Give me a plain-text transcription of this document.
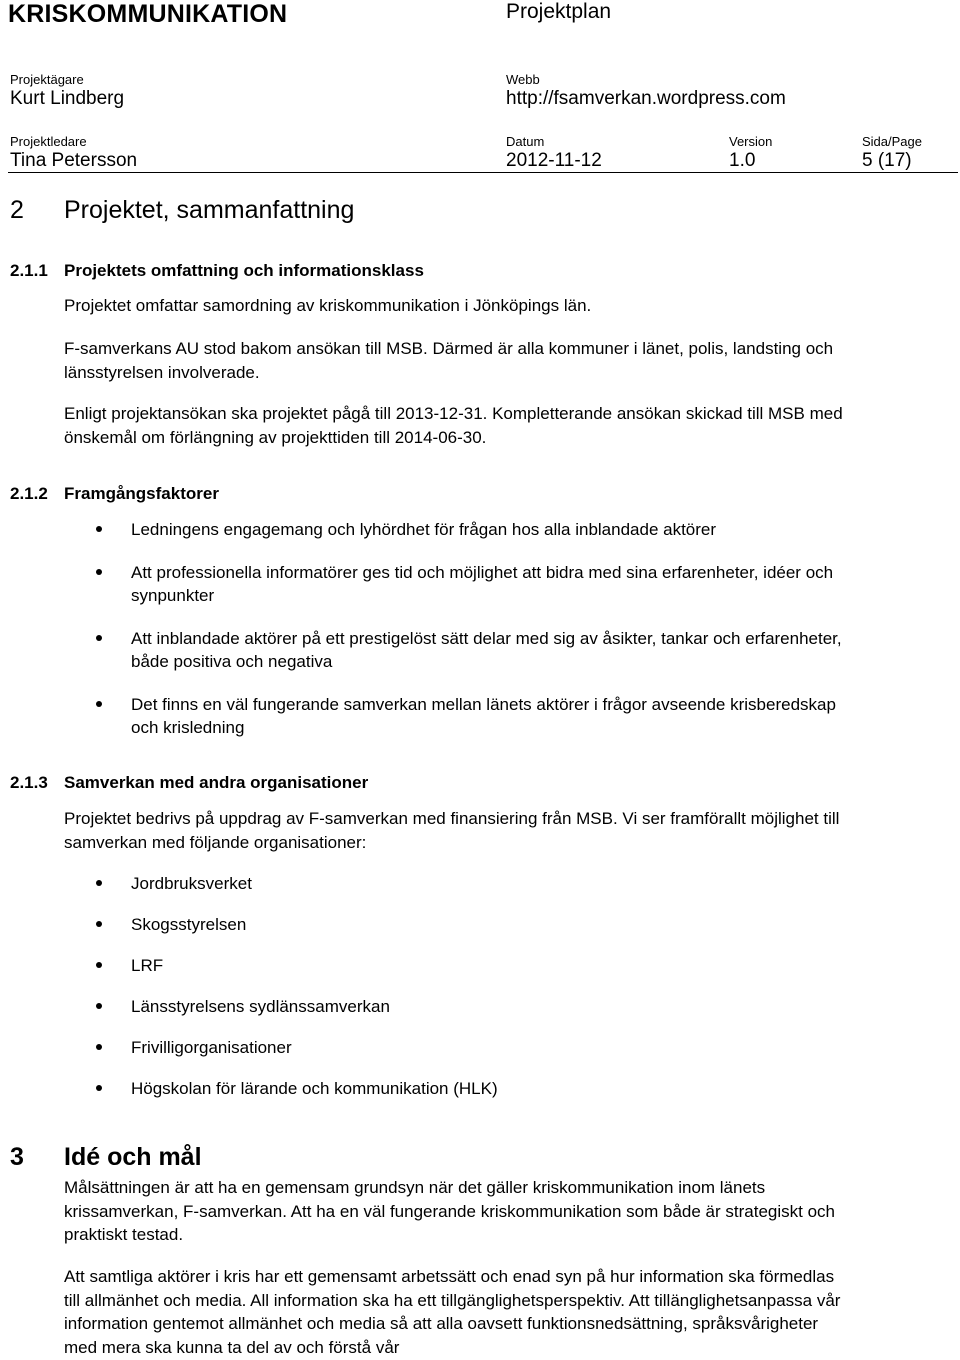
KRISKOMMUNIKATION	Projektplan
Projektägare
Kurt Lindberg
Webb
http://fsamverkan.wordpress.com
Projektledare
Tina Petersson
Datum
2012-11-12
Version
1.0
Sida/Page
5 (17)
2 Projektet, sammanfattning
2.1.1 Projektets omfattning och informationsklass
Projektet omfattar samordning av kriskommunikation i Jönköpings län.
F-samverkans AU stod bakom ansökan till MSB. Därmed är alla kommuner i länet, polis, landsting och länsstyrelsen involverade.
Enligt projektansökan ska projektet pågå till 2013-12-31. Kompletterande ansökan skickad till MSB med önskemål om förlängning av projekttiden till 2014-06-30.
2.1.2 Framgångsfaktorer
Ledningens engagemang och lyhördhet för frågan hos alla inblandade aktörer
Att professionella informatörer ges tid och möjlighet att bidra med sina erfarenheter, idéer och synpunkter
Att inblandade aktörer på ett prestigelöst sätt delar med sig av åsikter, tankar och erfarenheter, både positiva och negativa
Det finns en väl fungerande samverkan mellan länets aktörer i frågor avseende krisberedskap och krisledning
2.1.3 Samverkan med andra organisationer
Projektet bedrivs på uppdrag av F-samverkan med finansiering från MSB. Vi ser framförallt möjlighet till samverkan med följande organisationer:
Jordbruksverket
Skogsstyrelsen
LRF
Länsstyrelsens sydlänssamverkan
Frivilligorganisationer
Högskolan för lärande och kommunikation (HLK)
3 Idé och mål
Målsättningen är att ha en gemensam grundsyn när det gäller kriskommunikation inom länets krissamverkan, F-samverkan. Att ha en väl fungerande kriskommunikation som både är strategiskt och praktiskt testad.
Att samtliga aktörer i kris har ett gemensamt arbetssätt och enad syn på hur information ska förmedlas till allmänhet och media. All information ska ha ett tillgänglighetsperspektiv. Att tillänglighetsanpassa vår information gentemot allmänhet och media så att alla oavsett funktionsnedsättning, språksvårigheter med mera ska kunna ta del av och förstå vår
